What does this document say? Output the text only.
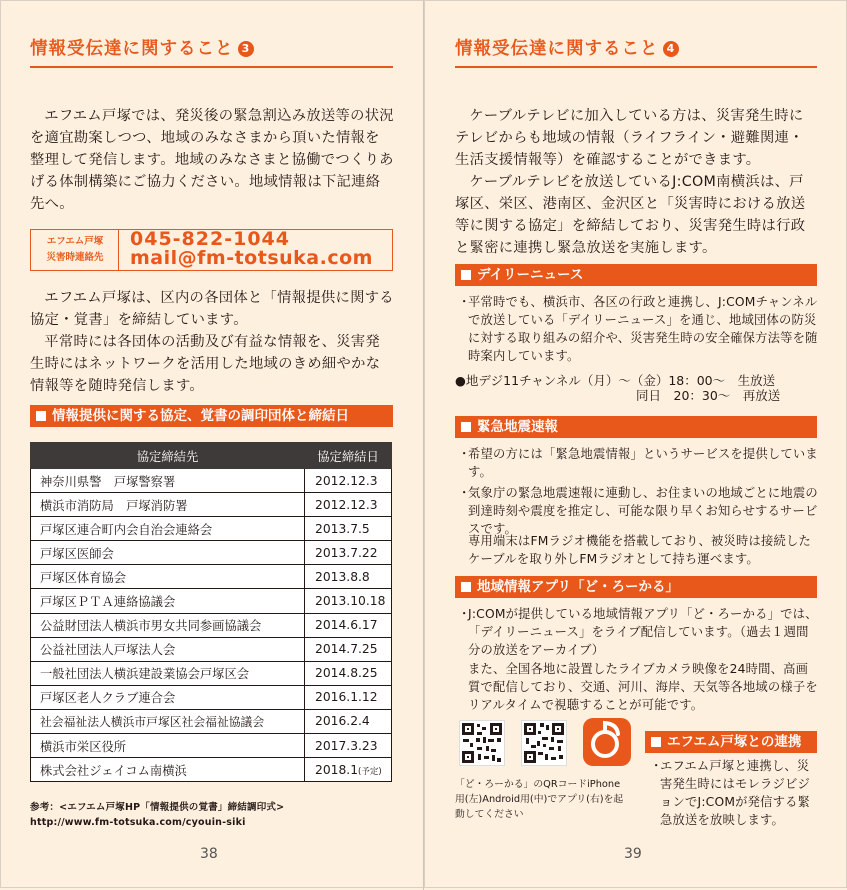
情報受伝達に関すること 3

エフエム戸塚では、発災後の緊急割込み放送等の状況を適宜勘案しつつ、地域のみなさまから頂いた情報を整理して発信します。地域のみなさまと協働でつくりあげる体制構築にご協力ください。地域情報は下記連絡先へ。

エフエム戸塚
災害時連絡先
045-822-1044
mail@fm-totsuka.com

エフエム戸塚は、区内の各団体と「情報提供に関する協定・覚書」を締結しています。

平常時には各団体の活動及び有益な情報を、災害発生時にはネットワークを活用した地域のきめ細やかな情報等を随時発信します。

情報提供に関する協定、覚書の調印団体と締結日
協定締結先	協定締結日
神奈川県警　戸塚警察署	2012.12.3
横浜市消防局　戸塚消防署	2012.12.3
戸塚区連合町内会自治会連絡会	2013.7.5
戸塚区医師会	2013.7.22
戸塚区体育協会	2013.8.8
戸塚区ＰＴＡ連絡協議会	2013.10.18
公益財団法人横浜市男女共同参画協議会	2014.6.17
公益社団法人戸塚法人会	2014.7.25
一般社団法人横浜建設業協会戸塚区会	2014.8.25
戸塚区老人クラブ連合会	2016.1.12
社会福祉法人横浜市戸塚区社会福祉協議会	2016.2.4
横浜市栄区役所	2017.3.23
株式会社ジェイコム南横浜	2018.1(予定)
参考：<エフエム戸塚HP「情報提供の覚書」締結調印式>
http://www.fm-totsuka.com/cyouin-siki
38
情報受伝達に関すること 4

ケーブルテレビに加入している方は、災害発生時にテレビからも地域の情報（ライフライン・避難関連・生活支援情報等）を確認することができます。

ケーブルテレビを放送しているJ:COM南横浜は、戸塚区、栄区、港南区、金沢区と「災害時における放送等に関する協定」を締結しており、災害発生時は行政と緊密に連携し緊急放送を実施します。

デイリーニュース

・
平常時でも、横浜市、各区の行政と連携し、J:COMチャンネルで放送している「デイリーニュース」を通じ、地域団体の防災に対する取り組みの紹介や、災害発生時の安全確保方法等を随時案内しています。

●地デジ11チャンネル（月）～（金）18：00～　生放送
同日　20：30～　再放送
緊急地震速報

・
希望の方には「緊急地震情報」というサービスを提供しています。

・
気象庁の緊急地震速報に連動し、お住まいの地域ごとに地震の到達時刻や震度を推定し、可能な限り早くお知らせするサービスです。

専用端末はFMラジオ機能を搭載しており、被災時は接続したケーブルを取り外しFMラジオとして持ち運べます。

地域情報アプリ「ど・ろーかる」

・
J:COMが提供している地域情報アプリ「ど・ろーかる」では、「デイリーニュース」をライブ配信しています。（過去１週間分の放送をアーカイブ）

また、全国各地に設置したライブカメラ映像を24時間、高画質で配信しており、交通、河川、海岸、天気等各地域の様子をリアルタイムで視聴することが可能です。

「ど・ろーかる」のQRコードiPhone用(左)Android用(中)でアプリ(右)を起動してください

エフエム戸塚との連携

・
エフエム戸塚と連携し、災害発生時にはモレラジビジョンでJ:COMが発信する緊急放送を放映します。

39
